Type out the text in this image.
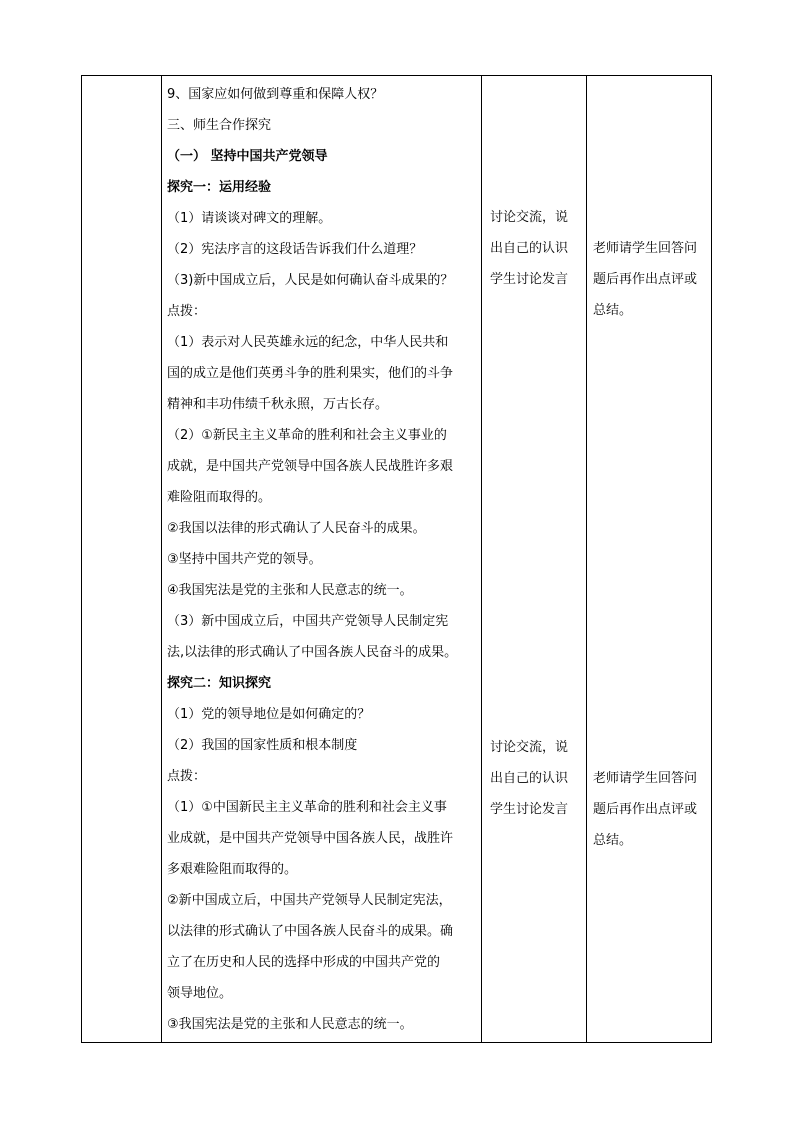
9、国家应如何做到尊重和保障人权？

三、师生合作探究

（一） 坚持中国共产党领导

探究一：运用经验

（1）请谈谈对碑文的理解。

（2）宪法序言的这段话告诉我们什么道理？

（3)新中国成立后，人民是如何确认奋斗成果的？

点拨：

（1）表示对人民英雄永远的纪念，中华人民共和

国的成立是他们英勇斗争的胜利果实，他们的斗争

精神和丰功伟绩千秋永照，万古长存。

（2）①新民主主义革命的胜利和社会主义事业的

成就，是中国共产党领导中国各族人民战胜许多艰

难险阻而取得的。

②我国以法律的形式确认了人民奋斗的成果。

③坚持中国共产党的领导。

④我国宪法是党的主张和人民意志的统一。

（3）新中国成立后，中国共产党领导人民制定宪

法,以法律的形式确认了中国各族人民奋斗的成果。

探究二：知识探究

（1）党的领导地位是如何确定的？

（2）我国的国家性质和根本制度

点拨：

（1）①中国新民主主义革命的胜利和社会主义事

业成就，是中国共产党领导中国各族人民，战胜许

多艰难险阻而取得的。

②新中国成立后，中国共产党领导人民制定宪法，

以法律的形式确认了中国各族人民奋斗的成果。确

立了在历史和人民的选择中形成的中国共产党的

领导地位。

③我国宪法是党的主张和人民意志的统一。

讨论交流，说

出自己的认识

学生讨论发言

老师请学生回答问

题后再作出点评或

总结。

讨论交流，说

出自己的认识

学生讨论发言

老师请学生回答问

题后再作出点评或

总结。
